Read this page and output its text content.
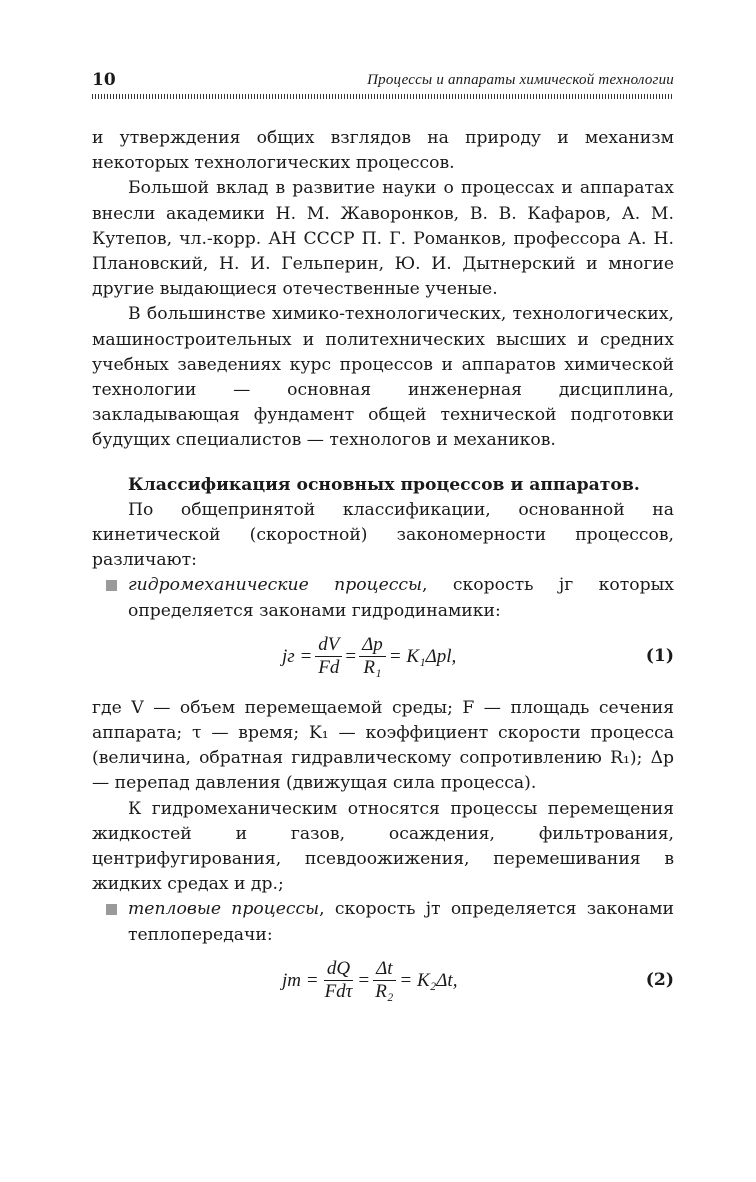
10	Процессы и аппараты химической технологии

и утверждения общих взглядов на природу и механизм некоторых технологических процессов.

Большой вклад в развитие науки о процессах и аппаратах внесли академики Н. М. Жаворонков, В. В. Кафаров, А. М. Кутепов, чл.-корр. АН СССР П. Г. Романков, профессора А. Н. Плановский, Н. И. Гельперин, Ю. И. Дытнерский и многие другие выдающиеся отечественные ученые.

В большинстве химико-технологических, технологических, машиностроительных и политехнических высших и средних учебных заведениях курс процессов и аппаратов химической технологии — основная инженерная дисциплина, закладывающая фундамент общей технической подготовки будущих специалистов — технологов и механиков.

Классификация основных процессов и аппаратов.

По общепринятой классификации, основанной на кинетической (скоростной) закономерности процессов, различают:

гидромеханические процессы, скорость jг которых определяется законами гидродинамики:

jг = $\frac{dV}{Fd} = \frac{\Delta p}{\text{R₁}} = K_1\Delta pl$,	(1)

где V — объем перемещаемой среды; F — площадь сечения аппарата; τ — время; K₁ — коэффициент скорости процесса (величина, обратная гидравлическому сопротивлению R₁); Δp — перепад давления (движущая сила процесса).

К гидромеханическим относятся процессы перемещения жидкостей и газов, осаждения, фильтрования, центрифугирования, псевдоожижения, перемешивания в жидких средах и др.;

тепловые процессы, скорость jт определяется законами теплопередачи:

jт = $\frac{dQ}{\text{Fdτ}} = \frac{\Delta t}{\text{R₂}} = K_2\Delta t$,	(2)
